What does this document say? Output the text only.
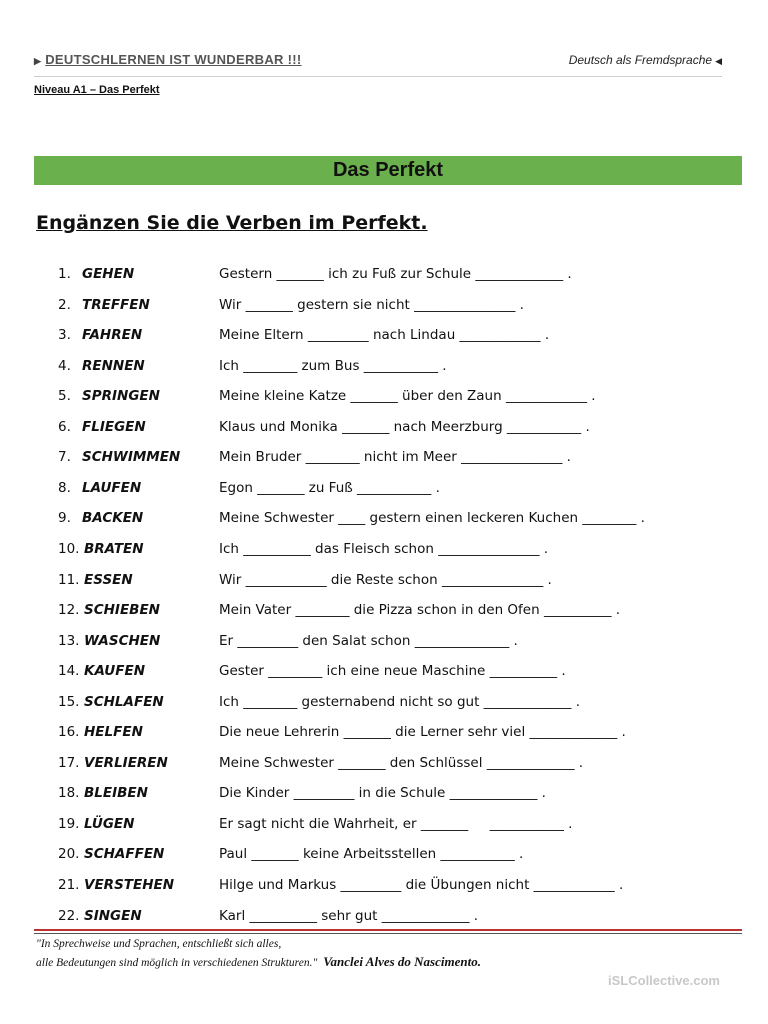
▶ DEUTSCHLERNEN IST WUNDERBAR !!!	Deutsch als Fremdsprache ◀
Niveau A1 – Das Perfekt
Das Perfekt
Engänzen Sie die Verben im Perfekt.
1. GEHEN	Gestern _______ ich zu Fuß zur Schule _____________ .
2. TREFFEN	Wir _______ gestern sie nicht _______________ .
3. FAHREN	Meine Eltern _________ nach Lindau ____________ .
4. RENNEN	Ich ________ zum Bus ___________ .
5. SPRINGEN	Meine kleine Katze _______ über den Zaun ____________ .
6. FLIEGEN	Klaus und Monika _______ nach Meerzburg ___________ .
7. SCHWIMMEN	Mein Bruder ________ nicht im Meer _______________ .
8. LAUFEN	Egon _______ zu Fuß ___________ .
9. BACKEN	Meine Schwester ____ gestern einen leckeren Kuchen ________ .
10. BRATEN	Ich __________ das Fleisch schon _______________ .
11. ESSEN	Wir ____________ die Reste schon _______________ .
12. SCHIEBEN	Mein Vater ________ die Pizza schon in den Ofen __________ .
13. WASCHEN	Er _________ den Salat schon ______________ .
14. KAUFEN	Gester ________ ich eine neue Maschine __________ .
15. SCHLAFEN	Ich ________ gesternabend nicht so gut _____________ .
16. HELFEN	Die neue Lehrerin _______ die Lerner sehr viel _____________ .
17. VERLIEREN	Meine Schwester _______ den Schlüssel _____________ .
18. BLEIBEN	Die Kinder _________ in die Schule _____________ .
19. LÜGEN	Er sagt nicht die Wahrheit, er _______     ___________ .
20. SCHAFFEN	Paul _______ keine Arbeitsstellen ___________ .
21. VERSTEHEN	Hilge und Markus _________ die Übungen nicht ____________ .
22. SINGEN	Karl __________ sehr gut _____________ .
"In Sprechweise und Sprachen, entschließt sich alles,
alle Bedeutungen sind möglich in verschiedenen Strukturen." Vanclei Alves do Nascimento.
iSLCollective.com
